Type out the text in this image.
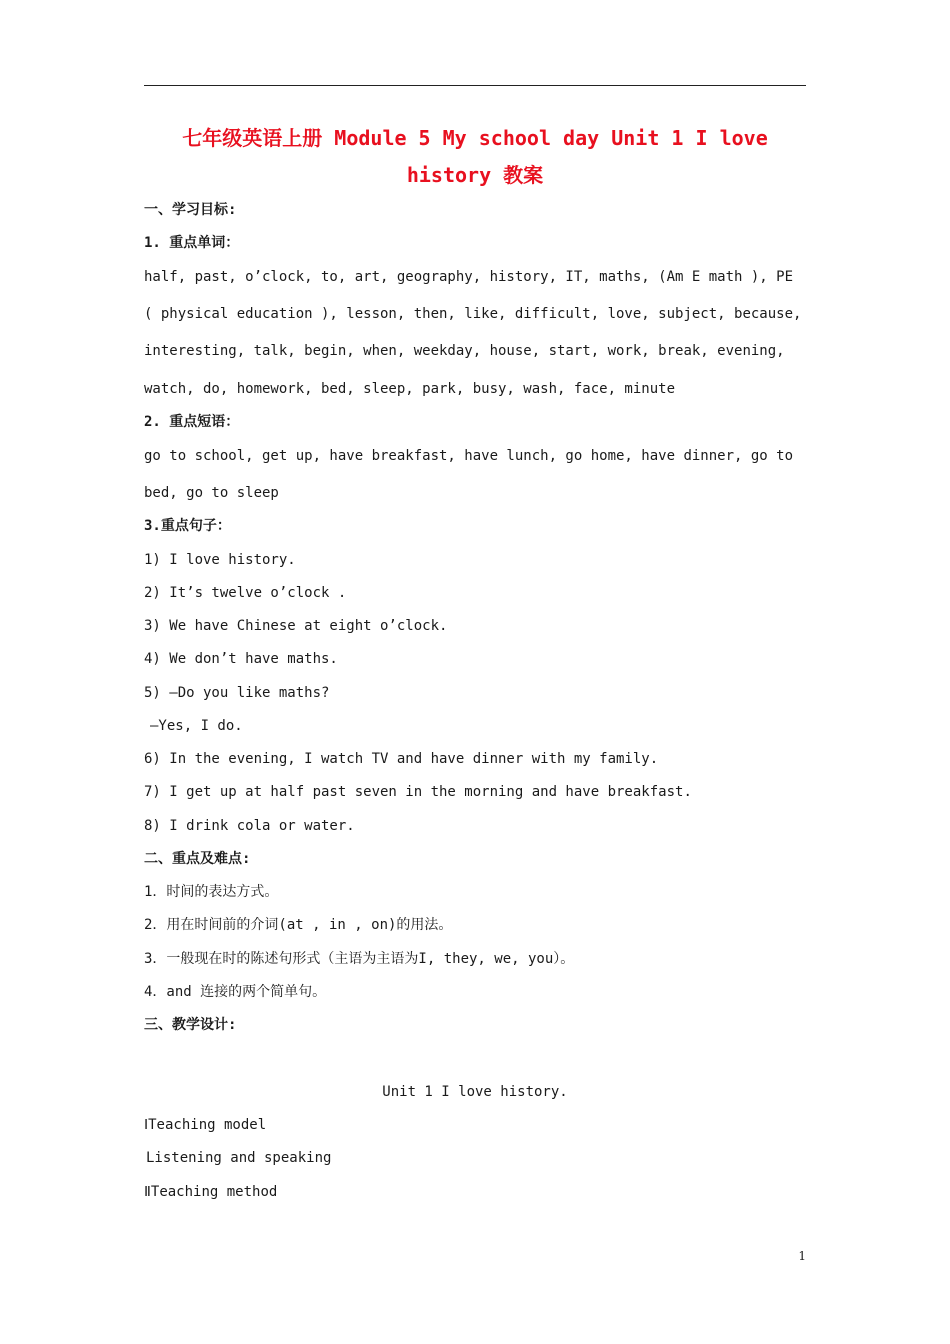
七年级英语上册 Module 5 My school day Unit 1 I love history 教案
一、学习目标:
1. 重点单词：
half, past, o’clock, to, art, geography, history, IT, maths, (Am E math ), PE
( physical education ), lesson, then, like, difficult, love, subject, because,
interesting, talk, begin, when, weekday, house, start, work, break, evening,
watch, do, homework, bed, sleep, park, busy, wash, face, minute
2. 重点短语：
go to school, get up, have breakfast, have lunch, go home, have dinner, go to
bed, go to sleep
3.重点句子：
1) I love history.
2) It’s twelve o’clock .
3) We have Chinese at eight o’clock.
4) We don’t have maths.
5) —Do you like maths?
—Yes, I do.
6) In the evening, I watch TV and have dinner with my family.
7) I get up at half past seven in the morning and have breakfast.
8) I drink cola or water.
二、重点及难点:
1．时间的表达方式。
2．用在时间前的介词(at , in , on)的用法。
3．一般现在时的陈述句形式（主语为主语为I, they, we, you）。
4．and 连接的两个简单句。
三、教学设计:
Unit 1 I love history.
ⅠTeaching model
Listening and speaking
ⅡTeaching method
1
